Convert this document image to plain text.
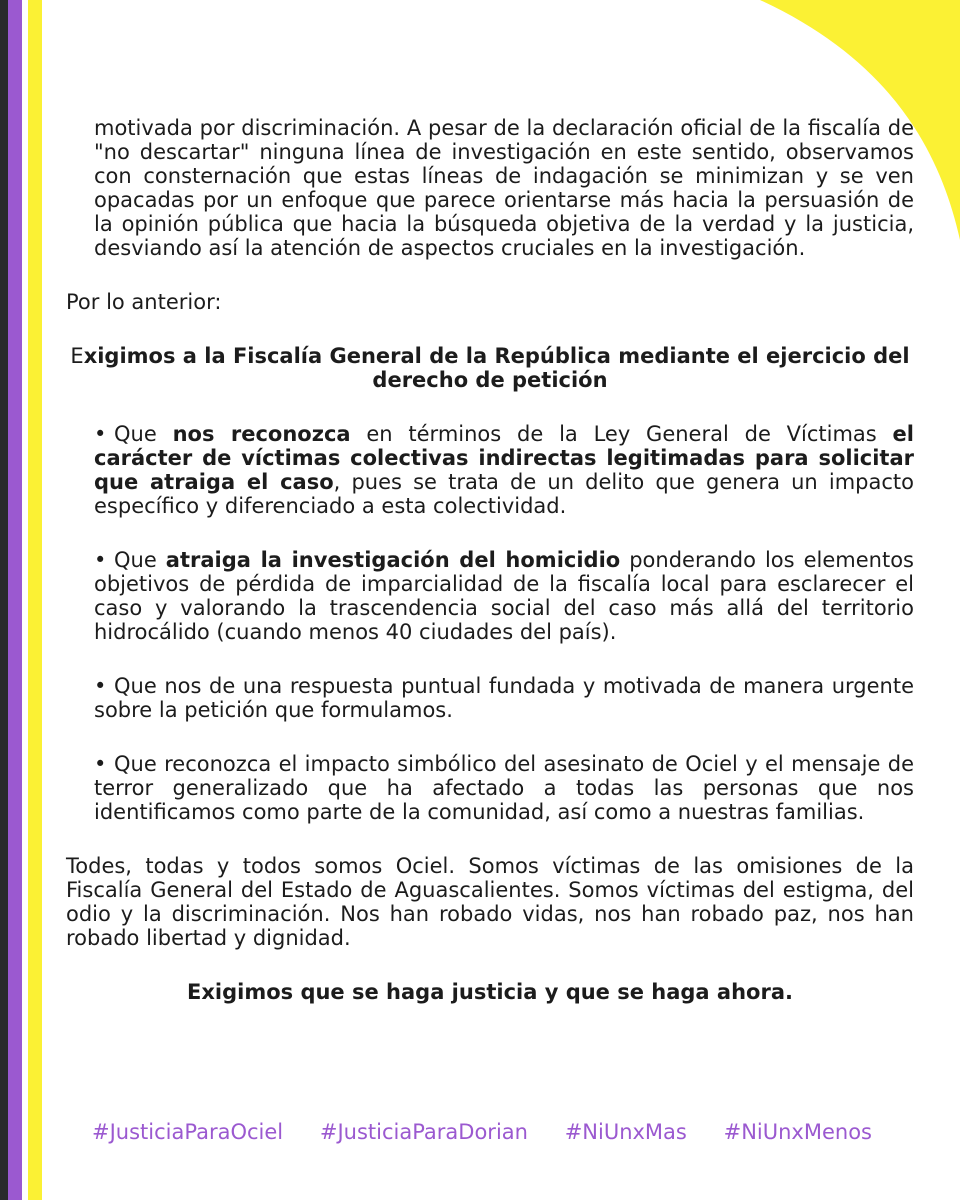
motivada por discriminación. A pesar de la declaración oficial de la fiscalía de "no descartar" ninguna línea de investigación en este sentido, observamos con consternación que estas líneas de indagación se minimizan y se ven opacadas por un enfoque que parece orientarse más hacia la persuasión de la opinión pública que hacia la búsqueda objetiva de la verdad y la justicia, desviando así la atención de aspectos cruciales en la investigación.

Por lo anterior:

Exigimos a la Fiscalía General de la República mediante el ejercicio del derecho de petición

• Que nos reconozca en términos de la Ley General de Víctimas el carácter de víctimas colectivas indirectas legitimadas para solicitar que atraiga el caso, pues se trata de un delito que genera un impacto específico y diferenciado a esta colectividad.

• Que atraiga la investigación del homicidio ponderando los elementos objetivos de pérdida de imparcialidad de la fiscalía local para esclarecer el caso y valorando la trascendencia social del caso más allá del territorio hidrocálido (cuando menos 40 ciudades del país).

• Que nos de una respuesta puntual fundada y motivada de manera urgente sobre la petición que formulamos.

• Que reconozca el impacto simbólico del asesinato de Ociel y el mensaje de terror generalizado que ha afectado a todas las personas que nos identificamos como parte de la comunidad, así como a nuestras familias.

Todes, todas y todos somos Ociel. Somos víctimas de las omisiones de la Fiscalía General del Estado de Aguascalientes. Somos víctimas del estigma, del odio y la discriminación. Nos han robado vidas, nos han robado paz, nos han robado libertad y dignidad.

Exigimos que se haga justicia y que se haga ahora.

#JusticiaParaOciel #JusticiaParaDorian #NiUnxMas #NiUnxMenos
